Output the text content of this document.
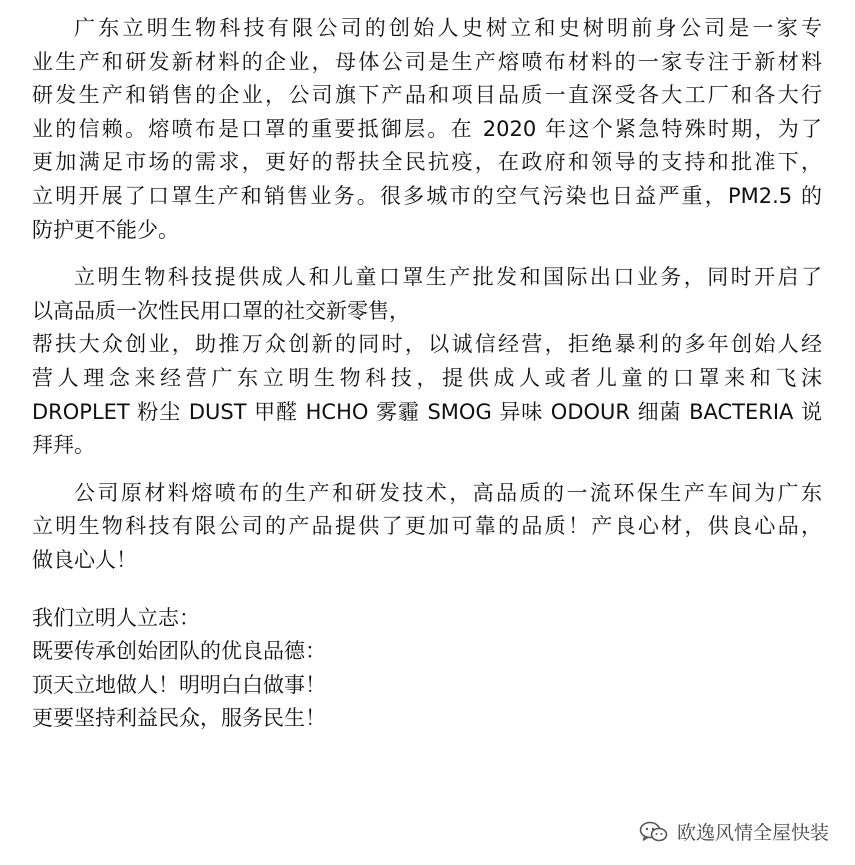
广东立明生物科技有限公司的创始人史树立和史树明前身公司是一家专
业生产和研发新材料的企业，母体公司是生产熔喷布材料的一家专注于新材料
研发生产和销售的企业，公司旗下产品和项目品质一直深受各大工厂和各大行
业的信赖。熔喷布是口罩的重要抵御层。在 2020 年这个紧急特殊时期，为了
更加满足市场的需求，更好的帮扶全民抗疫，在政府和领导的支持和批准下，
立明开展了口罩生产和销售业务。很多城市的空气污染也日益严重，PM2.5 的
防护更不能少。
立明生物科技提供成人和儿童口罩生产批发和国际出口业务，同时开启了
以高品质一次性民用口罩的社交新零售，
帮扶大众创业，助推万众创新的同时，以诚信经营，拒绝暴利的多年创始人经
营人理念来经营广东立明生物科技，提供成人或者儿童的口罩来和飞沫
DROPLET 粉尘 DUST 甲醛 HCHO 雾霾 SMOG 异味 ODOUR 细菌 BACTERIA 说
拜拜。
公司原材料熔喷布的生产和研发技术，高品质的一流环保生产车间为广东
立明生物科技有限公司的产品提供了更加可靠的品质！产良心材，供良心品，
做良心人！
我们立明人立志：
既要传承创始团队的优良品德：
顶天立地做人！明明白白做事！
更要坚持利益民众，服务民生！
欧逸风情全屋快装
